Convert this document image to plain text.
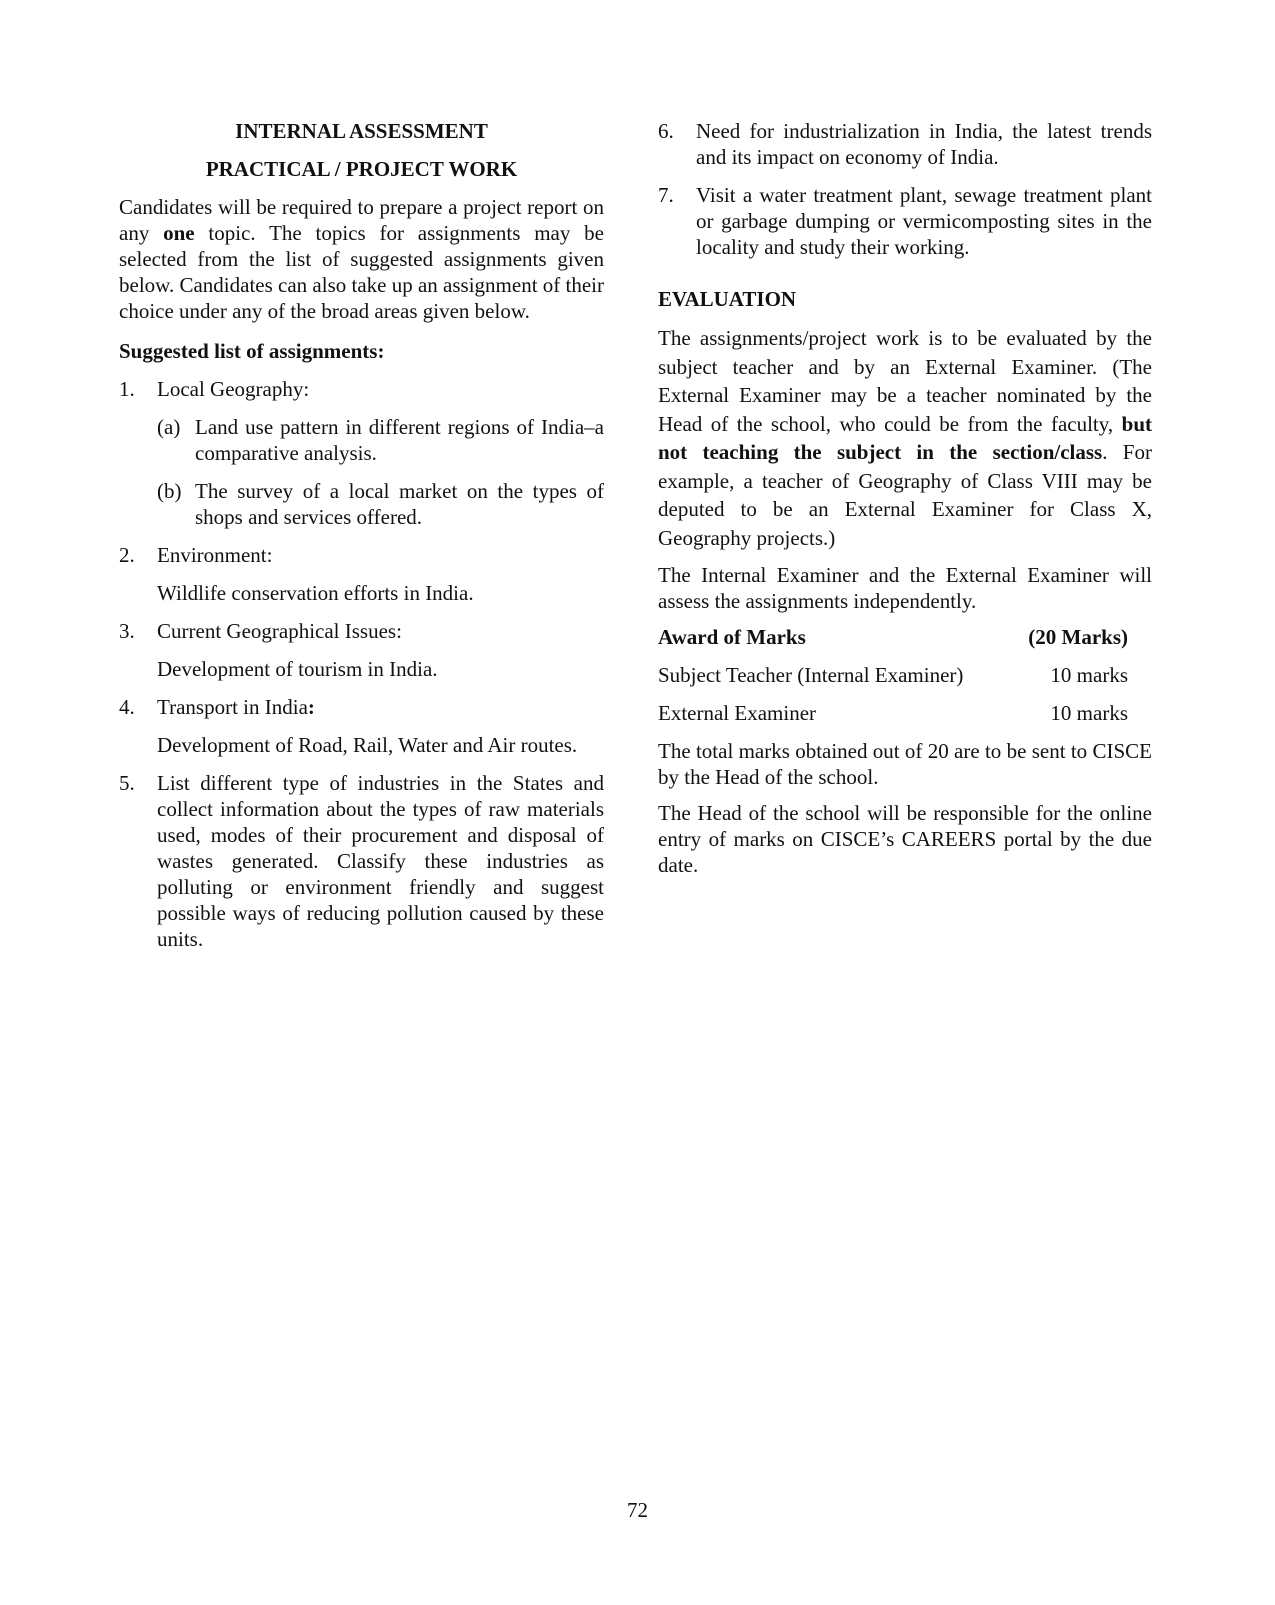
INTERNAL ASSESSMENT
PRACTICAL / PROJECT WORK

Candidates will be required to prepare a project report on any one topic. The topics for assignments may be selected from the list of suggested assignments given below. Candidates can also take up an assignment of their choice under any of the broad areas given below.

Suggested list of assignments:
1. Local Geography:
(a) Land use pattern in different regions of India–a comparative analysis.
(b) The survey of a local market on the types of shops and services offered.
2. Environment:
Wildlife conservation efforts in India.
3. Current Geographical Issues:
Development of tourism in India.
4. Transport in India:
Development of Road, Rail, Water and Air routes.
5. List different type of industries in the States and collect information about the types of raw materials used, modes of their procurement and disposal of wastes generated. Classify these industries as polluting or environment friendly and suggest possible ways of reducing pollution caused by these units.
6. Need for industrialization in India, the latest trends and its impact on economy of India.
7. Visit a water treatment plant, sewage treatment plant or garbage dumping or vermicomposting sites in the locality and study their working.
EVALUATION

The assignments/project work is to be evaluated by the subject teacher and by an External Examiner. (The External Examiner may be a teacher nominated by the Head of the school, who could be from the faculty, but not teaching the subject in the section/class. For example, a teacher of Geography of Class VIII may be deputed to be an External Examiner for Class X, Geography projects.)

The Internal Examiner and the External Examiner will assess the assignments independently.

Award of Marks	(20 Marks)
Subject Teacher (Internal Examiner)	10 marks
External Examiner	10 marks

The total marks obtained out of 20 are to be sent to CISCE by the Head of the school.

The Head of the school will be responsible for the online entry of marks on CISCE’s CAREERS portal by the due date.

72
